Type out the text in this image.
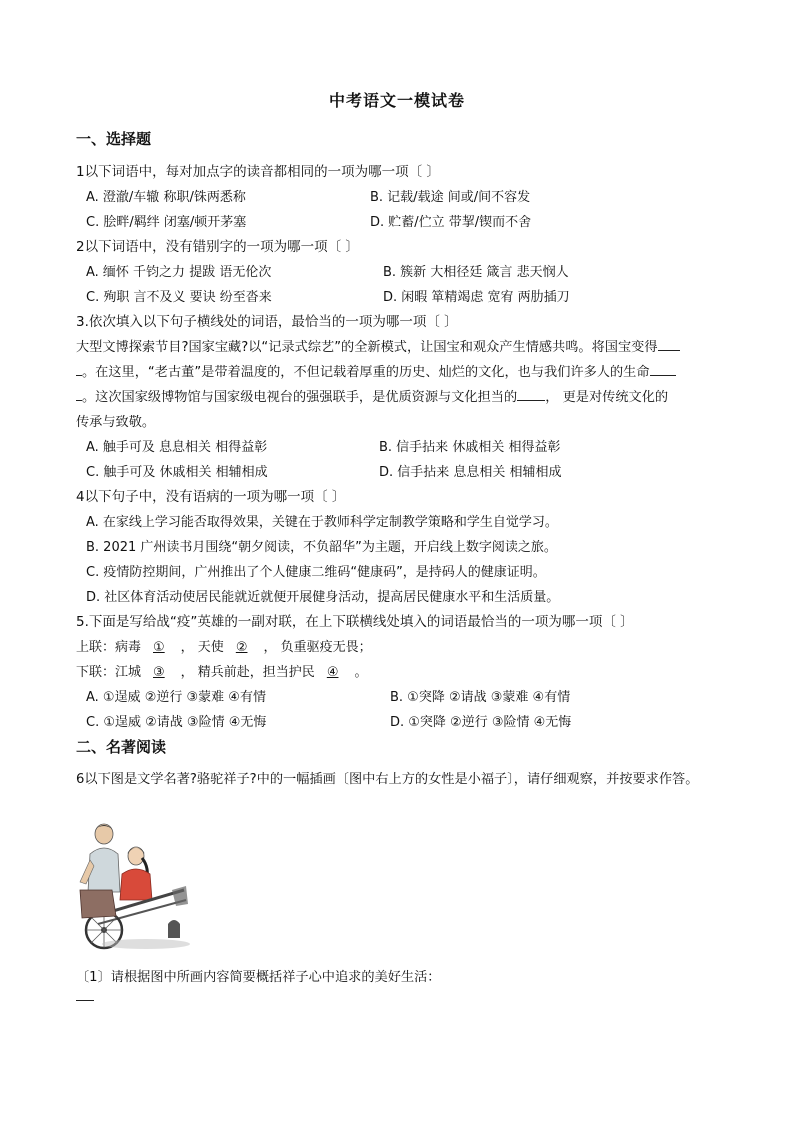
中考语文一模试卷
一、选择题
1以下词语中，每对加点字的读音都相同的一项为哪一项〔 〕
A. 澄澈/车辙 称职/铢两悉称	B. 记载/载途 间或/间不容发
C. 脍畔/羁绊 闭塞/顿开茅塞	D. 贮蓄/伫立 带挈/锲而不舍
2以下词语中，没有错别字的一项为哪一项〔 〕
A. 缅怀 千钧之力 提跋 语无伦次	B. 簇新 大相径廷 箴言 悲天悯人
C. 殉职 言不及义 要诀 纷至沓来	D. 闲暇 箪精竭虑 宽宥 两肋插刀
3.依次填入以下句子横线处的词语，最恰当的一项为哪一项〔 〕
大型文博探索节目?国家宝藏?以“记录式综艺”的全新模式，让国宝和观众产生情感共鸣。将国宝变得
。在这里，“老古董”是带着温度的，不但记载着厚重的历史、灿烂的文化，也与我们许多人的生命
。这次国家级博物馆与国家级电视台的强强联手，是优质资源与文化担当的 ， 更是对传统文化的
传承与致敬。
A. 触手可及 息息相关 相得益彰	B. 信手拈来 休戚相关 相得益彰
C. 触手可及 休戚相关 相辅相成	D. 信手拈来 息息相关 相辅相成
4以下句子中，没有语病的一项为哪一项〔 〕
A. 在家线上学习能否取得效果，关键在于教师科学定制教学策略和学生自觉学习。
B. 2021 广州读书月围绕“朝夕阅读，不负韶华”为主题，开启线上数字阅读之旅。
C. 疫情防控期间，广州推出了个人健康二维码“健康码”，是持码人的健康证明。
D. 社区体育活动使居民能就近就便开展健身活动，提高居民健康水平和生活质量。
5.下面是写给战“疫”英雄的一副对联，在上下联横线处填入的词语最恰当的一项为哪一项〔 〕
上联：病毒 ① ， 天使 ② ， 负重驱疫无畏；
下联：江城 ③ ， 精兵前赴，担当护民 ④ 。
A. ①逞威 ②逆行 ③蒙难 ④有情	B. ①突降 ②请战 ③蒙难 ④有情
C. ①逞威 ②请战 ③险情 ④无悔	D. ①突降 ②逆行 ③险情 ④无悔
二、名著阅读
6以下图是文学名著?骆驼祥子?中的一幅插画〔图中右上方的女性是小福子〕，请仔细观察，并按要求作答。
〔1〕请根据图中所画内容简要概括祥子心中追求的美好生活：
